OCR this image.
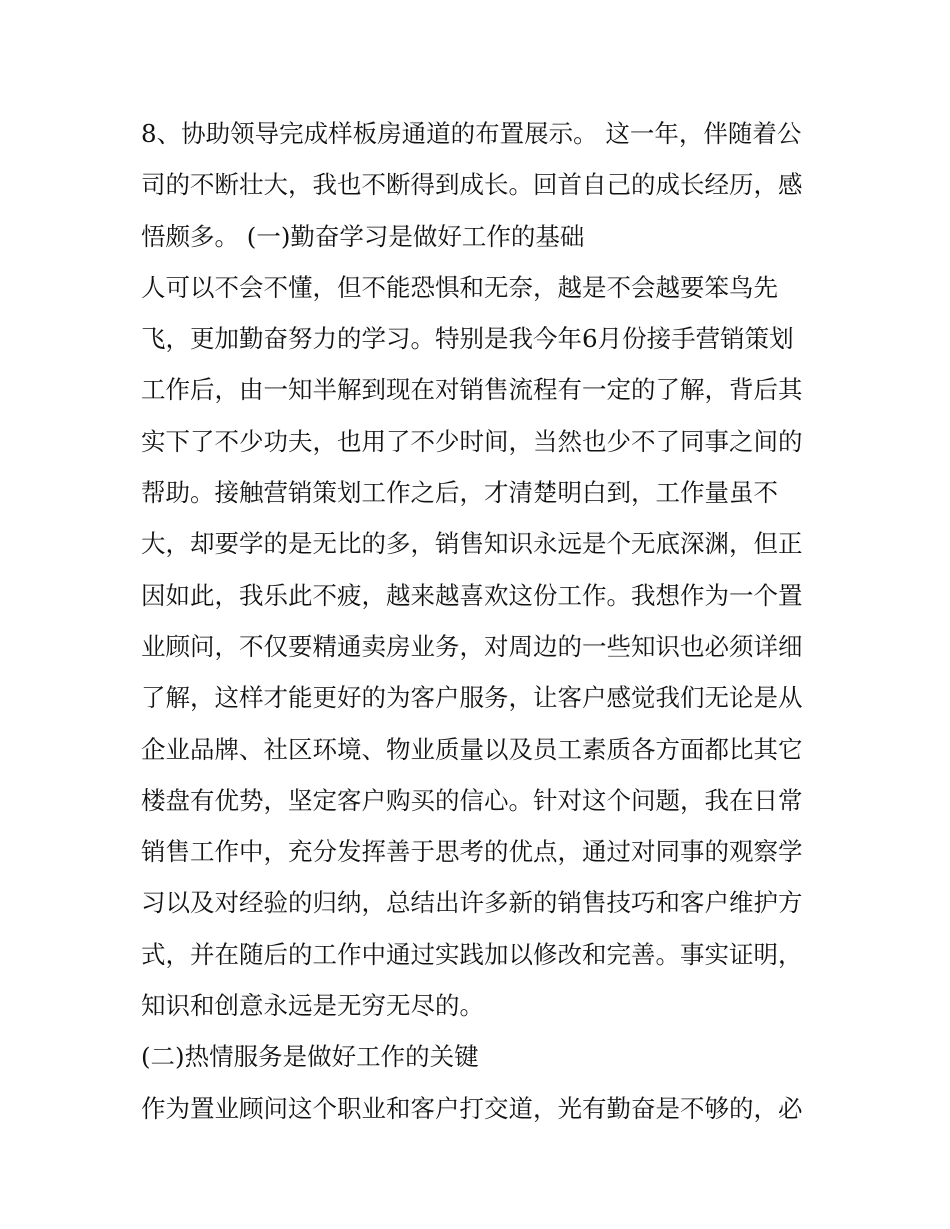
8、协助领导完成样板房通道的布置展示。 这一年，伴随着公
司的不断壮大，我也不断得到成长。回首自己的成长经历，感
悟颇多。 (一)勤奋学习是做好工作的基础
人可以不会不懂，但不能恐惧和无奈，越是不会越要笨鸟先
飞，更加勤奋努力的学习。特别是我今年6月份接手营销策划
工作后，由一知半解到现在对销售流程有一定的了解，背后其
实下了不少功夫，也用了不少时间，当然也少不了同事之间的
帮助。接触营销策划工作之后，才清楚明白到，工作量虽不
大，却要学的是无比的多，销售知识永远是个无底深渊，但正
因如此，我乐此不疲，越来越喜欢这份工作。我想作为一个置
业顾问，不仅要精通卖房业务，对周边的一些知识也必须详细
了解，这样才能更好的为客户服务，让客户感觉我们无论是从
企业品牌、社区环境、物业质量以及员工素质各方面都比其它
楼盘有优势，坚定客户购买的信心。针对这个问题，我在日常
销售工作中，充分发挥善于思考的优点，通过对同事的观察学
习以及对经验的归纳，总结出许多新的销售技巧和客户维护方
式，并在随后的工作中通过实践加以修改和完善。事实证明，
知识和创意永远是无穷无尽的。
(二)热情服务是做好工作的关键
作为置业顾问这个职业和客户打交道，光有勤奋是不够的，必
